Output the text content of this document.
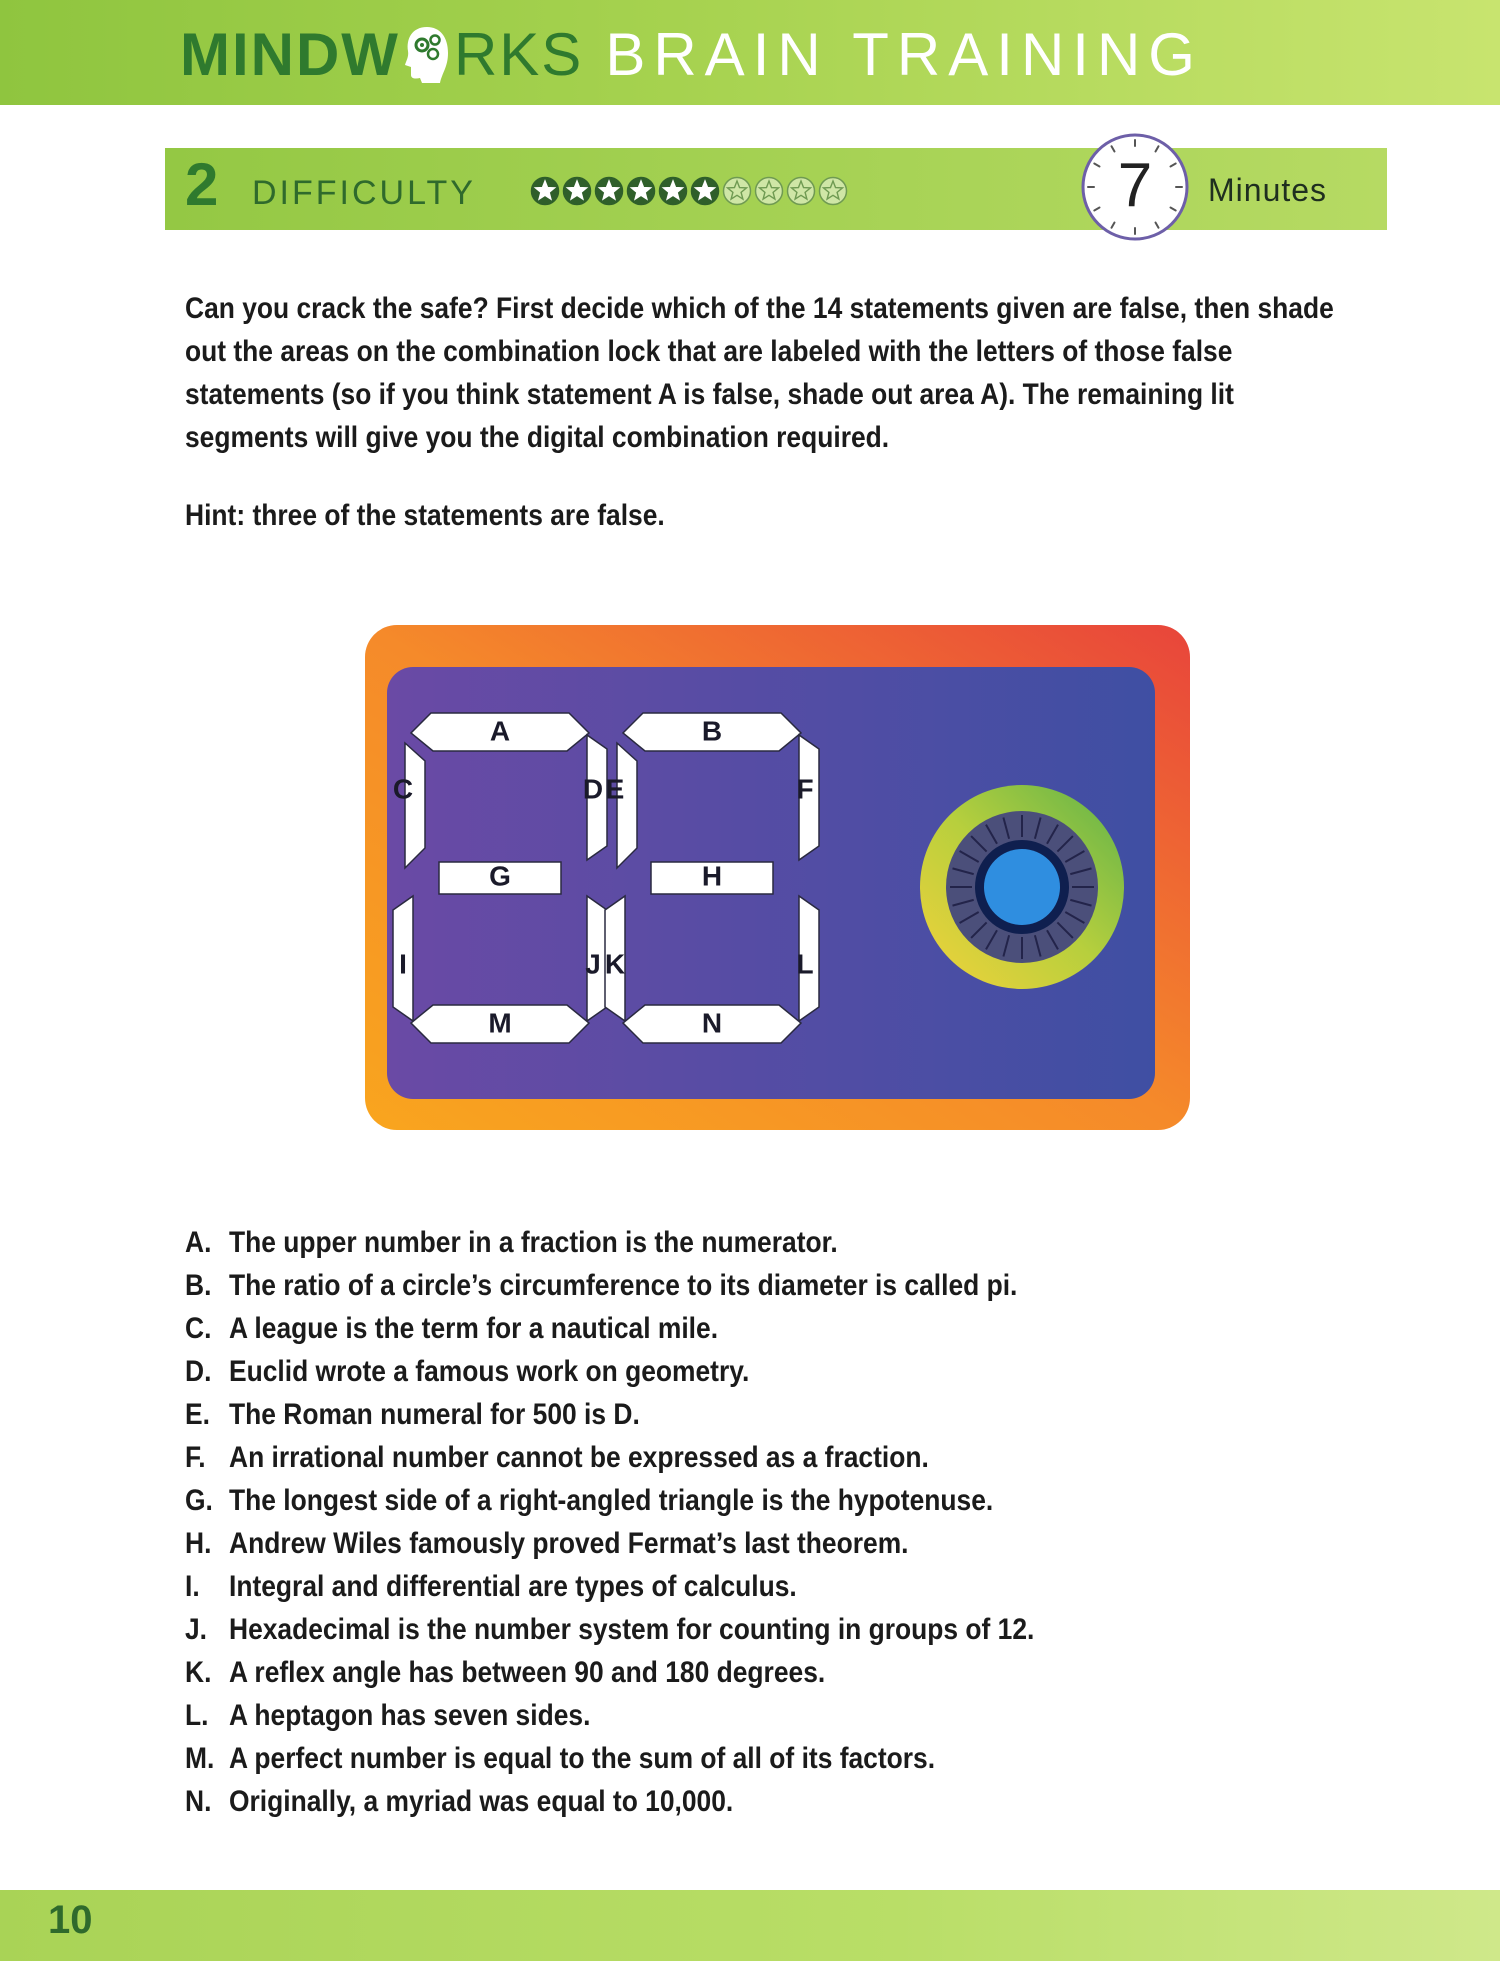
MINDW RKS BRAIN TRAINING
2 DIFFICULTY	7	Minutes
Can you crack the safe? First decide which of the 14 statements given are false, then shade out the areas on the combination lock that are labeled with the letters of those false statements (so if you think statement A is false, shade out area A). The remaining lit segments will give you the digital combination required.
Hint: three of the statements are false.
A
C	D
G
I	J
M
B
E	F
H
K	L
N
A. The upper number in a fraction is the numerator.
B. The ratio of a circle’s circumference to its diameter is called pi.
C. A league is the term for a nautical mile.
D. Euclid wrote a famous work on geometry.
E. The Roman numeral for 500 is D.
F. An irrational number cannot be expressed as a fraction.
G. The longest side of a right-angled triangle is the hypotenuse.
H. Andrew Wiles famously proved Fermat’s last theorem.
I. Integral and differential are types of calculus.
J. Hexadecimal is the number system for counting in groups of 12.
K. A reflex angle has between 90 and 180 degrees.
L. A heptagon has seven sides.
M. A perfect number is equal to the sum of all of its factors.
N. Originally, a myriad was equal to 10,000.
10
